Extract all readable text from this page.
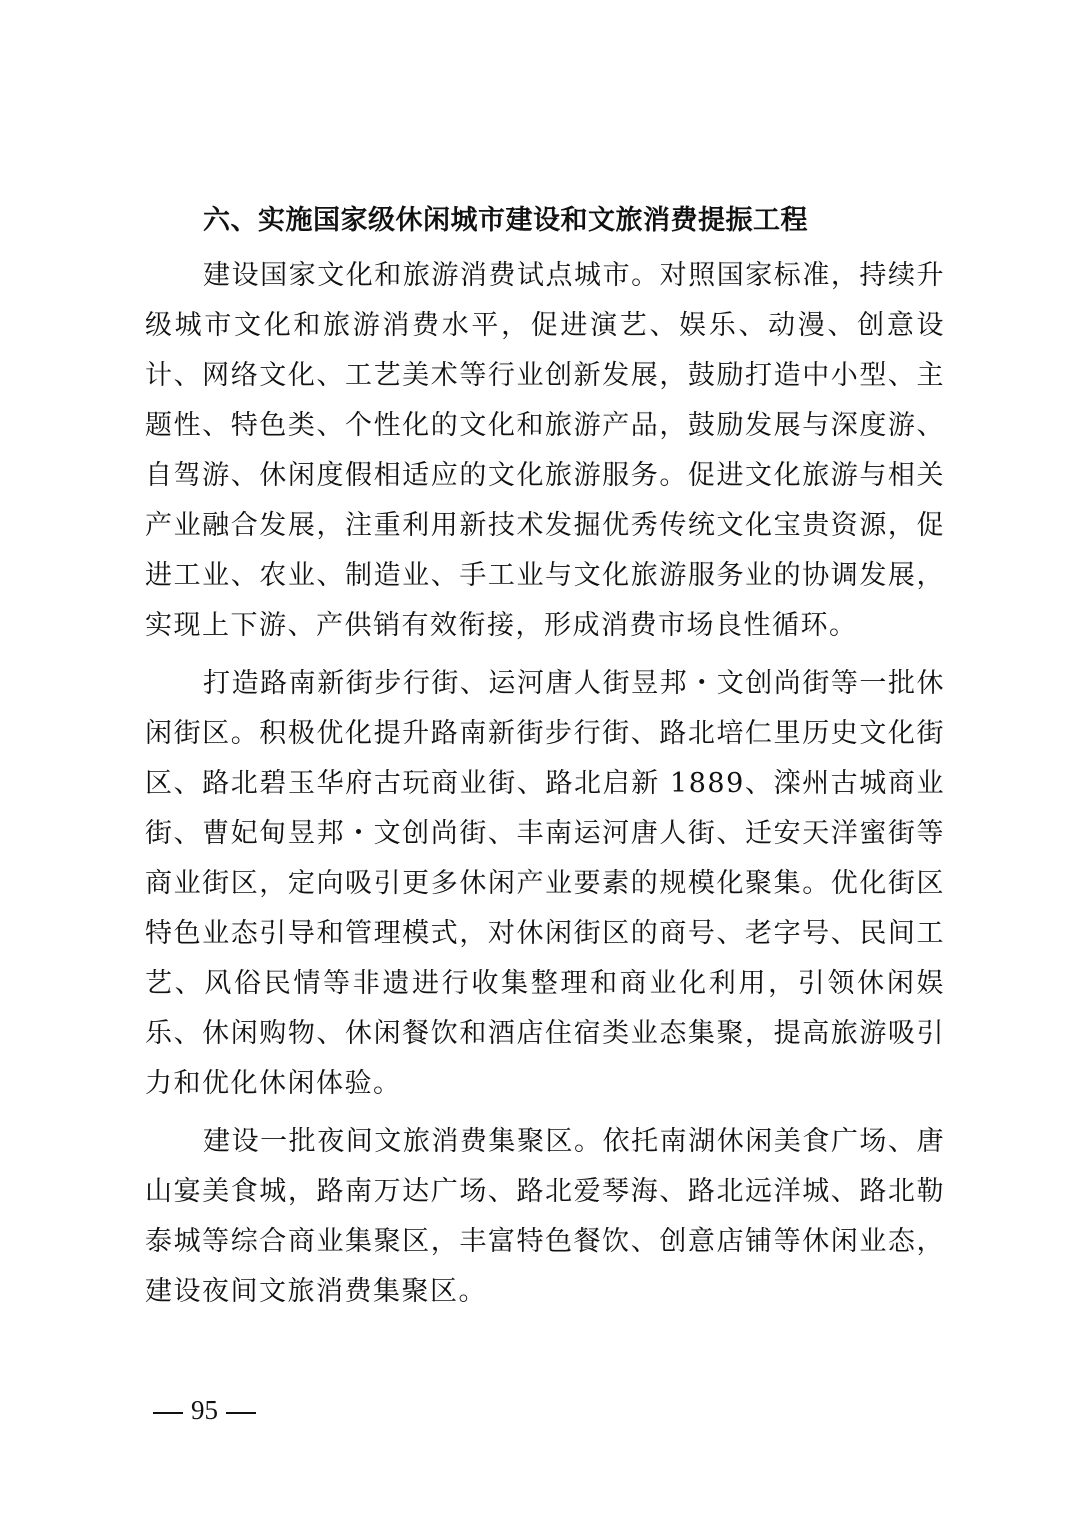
六、实施国家级休闲城市建设和文旅消费提振工程

建设国家文化和旅游消费试点城市。对照国家标准，持续升级城市文化和旅游消费水平，促进演艺、娱乐、动漫、创意设计、网络文化、工艺美术等行业创新发展，鼓励打造中小型、主题性、特色类、个性化的文化和旅游产品，鼓励发展与深度游、自驾游、休闲度假相适应的文化旅游服务。促进文化旅游与相关产业融合发展，注重利用新技术发掘优秀传统文化宝贵资源，促进工业、农业、制造业、手工业与文化旅游服务业的协调发展，实现上下游、产供销有效衔接，形成消费市场良性循环。

打造路南新街步行街、运河唐人街昱邦・文创尚街等一批休闲街区。积极优化提升路南新街步行街、路北培仁里历史文化街区、路北碧玉华府古玩商业街、路北启新 1889、滦州古城商业街、曹妃甸昱邦・文创尚街、丰南运河唐人街、迁安天洋蜜街等商业街区，定向吸引更多休闲产业要素的规模化聚集。优化街区特色业态引导和管理模式，对休闲街区的商号、老字号、民间工艺、风俗民情等非遗进行收集整理和商业化利用，引领休闲娱乐、休闲购物、休闲餐饮和酒店住宿类业态集聚，提高旅游吸引力和优化休闲体验。

建设一批夜间文旅消费集聚区。依托南湖休闲美食广场、唐山宴美食城，路南万达广场、路北爱琴海、路北远洋城、路北勒泰城等综合商业集聚区，丰富特色餐饮、创意店铺等休闲业态，建设夜间文旅消费集聚区。

95
